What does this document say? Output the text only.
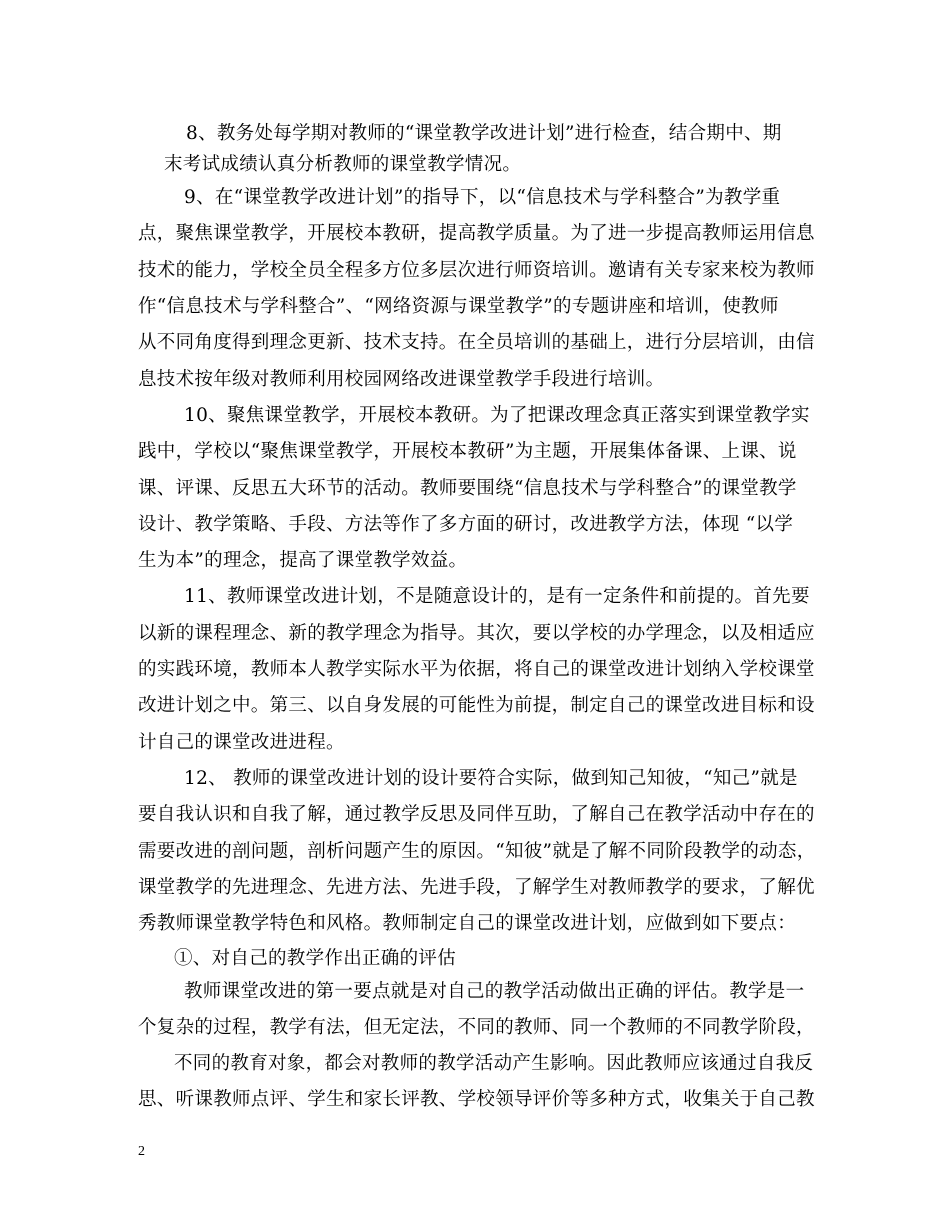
8、教务处每学期对教师的“课堂教学改进计划”进行检查，结合期中、期
末考试成绩认真分析教师的课堂教学情况。
9、在“课堂教学改进计划”的指导下，以“信息技术与学科整合”为教学重
点，聚焦课堂教学，开展校本教研，提高教学质量。为了进一步提高教师运用信息
技术的能力，学校全员全程多方位多层次进行师资培训。邀请有关专家来校为教师
作“信息技术与学科整合”、“网络资源与课堂教学”的专题讲座和培训，使教师
从不同角度得到理念更新、技术支持。在全员培训的基础上，进行分层培训，由信
息技术按年级对教师利用校园网络改进课堂教学手段进行培训。
10、聚焦课堂教学，开展校本教研。为了把课改理念真正落实到课堂教学实
践中，学校以“聚焦课堂教学，开展校本教研”为主题，开展集体备课、上课、说
课、评课、反思五大环节的活动。教师要围绕“信息技术与学科整合”的课堂教学
设计、教学策略、手段、方法等作了多方面的研讨，改进教学方法，体现 “以学
生为本”的理念，提高了课堂教学效益。
11、教师课堂改进计划，不是随意设计的，是有一定条件和前提的。首先要
以新的课程理念、新的教学理念为指导。其次，要以学校的办学理念，以及相适应
的实践环境，教师本人教学实际水平为依据，将自己的课堂改进计划纳入学校课堂
改进计划之中。第三、以自身发展的可能性为前提，制定自己的课堂改进目标和设
计自己的课堂改进进程。
12、 教师的课堂改进计划的设计要符合实际，做到知己知彼，“知己”就是
要自我认识和自我了解，通过教学反思及同伴互助，了解自己在教学活动中存在的
需要改进的剖问题，剖析问题产生的原因。“知彼”就是了解不同阶段教学的动态，
课堂教学的先进理念、先进方法、先进手段，了解学生对教师教学的要求，了解优
秀教师课堂教学特色和风格。教师制定自己的课堂改进计划，应做到如下要点：
①、对自己的教学作出正确的评估
教师课堂改进的第一要点就是对自己的教学活动做出正确的评估。教学是一
个复杂的过程，教学有法，但无定法，不同的教师、同一个教师的不同教学阶段，
不同的教育对象，都会对教师的教学活动产生影响。因此教师应该通过自我反
思、听课教师点评、学生和家长评教、学校领导评价等多种方式，收集关于自己教
2
